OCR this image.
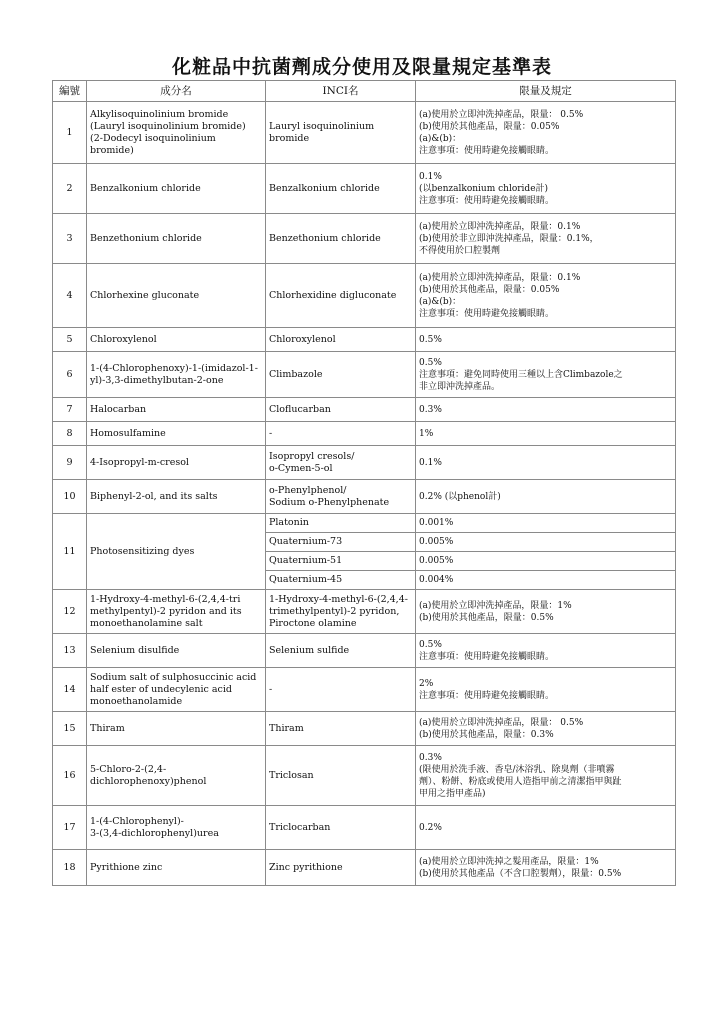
化粧品中抗菌劑成分使用及限量規定基準表
編號	成分名	INCI名	限量及規定
1	Alkylisoquinolinium bromide
(Lauryl isoquinolinium bromide)
(2-Dodecyl isoquinolinium bromide)	Lauryl isoquinolinium bromide	(a)使用於立即沖洗掉產品，限量： 0.5%
(b)使用於其他產品，限量：0.05%
(a)&(b)：
注意事項：使用時避免接觸眼睛。
2	Benzalkonium chloride	Benzalkonium chloride	0.1%
(以benzalkonium chloride計)
注意事項：使用時避免接觸眼睛。
3	Benzethonium chloride	Benzethonium chloride	(a)使用於立即沖洗掉產品，限量：0.1%
(b)使用於非立即沖洗掉產品，限量：0.1%，
不得使用於口腔製劑
4	Chlorhexine gluconate	Chlorhexidine digluconate	(a)使用於立即沖洗掉產品，限量：0.1%
(b)使用於其他產品，限量：0.05%
(a)&(b)：
注意事項：使用時避免接觸眼睛。
5	Chloroxylenol	Chloroxylenol	0.5%
6	1-(4-Chlorophenoxy)-1-(imidazol-1-yl)-3,3-dimethylbutan-2-one	Climbazole	0.5%
注意事項：避免同時使用三種以上含Climbazole之
非立即沖洗掉產品。
7	Halocarban	Cloflucarban	0.3%
8	Homosulfamine	-	1%
9	4-Isopropyl-m-cresol	Isopropyl cresols/
o-Cymen-5-ol	0.1%
10	Biphenyl-2-ol, and its salts	o-Phenylphenol/
Sodium o-Phenylphenate	0.2% (以phenol計)
11	Photosensitizing dyes	Platonin	0.001%
		Quaternium-73	0.005%
		Quaternium-51	0.005%
		Quaternium-45	0.004%
12	1-Hydroxy-4-methyl-6-(2,4,4-tri
methylpentyl)-2 pyridon and its
monoethanolamine salt	1-Hydroxy-4-methyl-6-(2,4,4-
trimethylpentyl)-2 pyridon,
Piroctone olamine	(a)使用於立即沖洗掉產品，限量：1%
(b)使用於其他產品，限量：0.5%
13	Selenium disulfide	Selenium sulfide	0.5%
注意事項：使用時避免接觸眼睛。
14	Sodium salt of sulphosuccinic acid
half ester of undecylenic acid
monoethanolamide	-	2%
注意事項：使用時避免接觸眼睛。
15	Thiram	Thiram	(a)使用於立即沖洗掉產品，限量： 0.5%
(b)使用於其他產品，限量：0.3%
16	5-Chloro-2-(2,4-
dichlorophenoxy)phenol	Triclosan	0.3%
(限使用於洗手液、香皂/沐浴乳、除臭劑（非噴霧
劑）、粉餅、粉底或使用人造指甲前之清潔指甲與趾
甲用之指甲產品)
17	1-(4-Chlorophenyl)-
3-(3,4-dichlorophenyl)urea	Triclocarban	0.2%
18	Pyrithione zinc	Zinc pyrithione	(a)使用於立即沖洗掉之髮用產品，限量：1%
(b)使用於其他產品（不含口腔製劑），限量：0.5%
